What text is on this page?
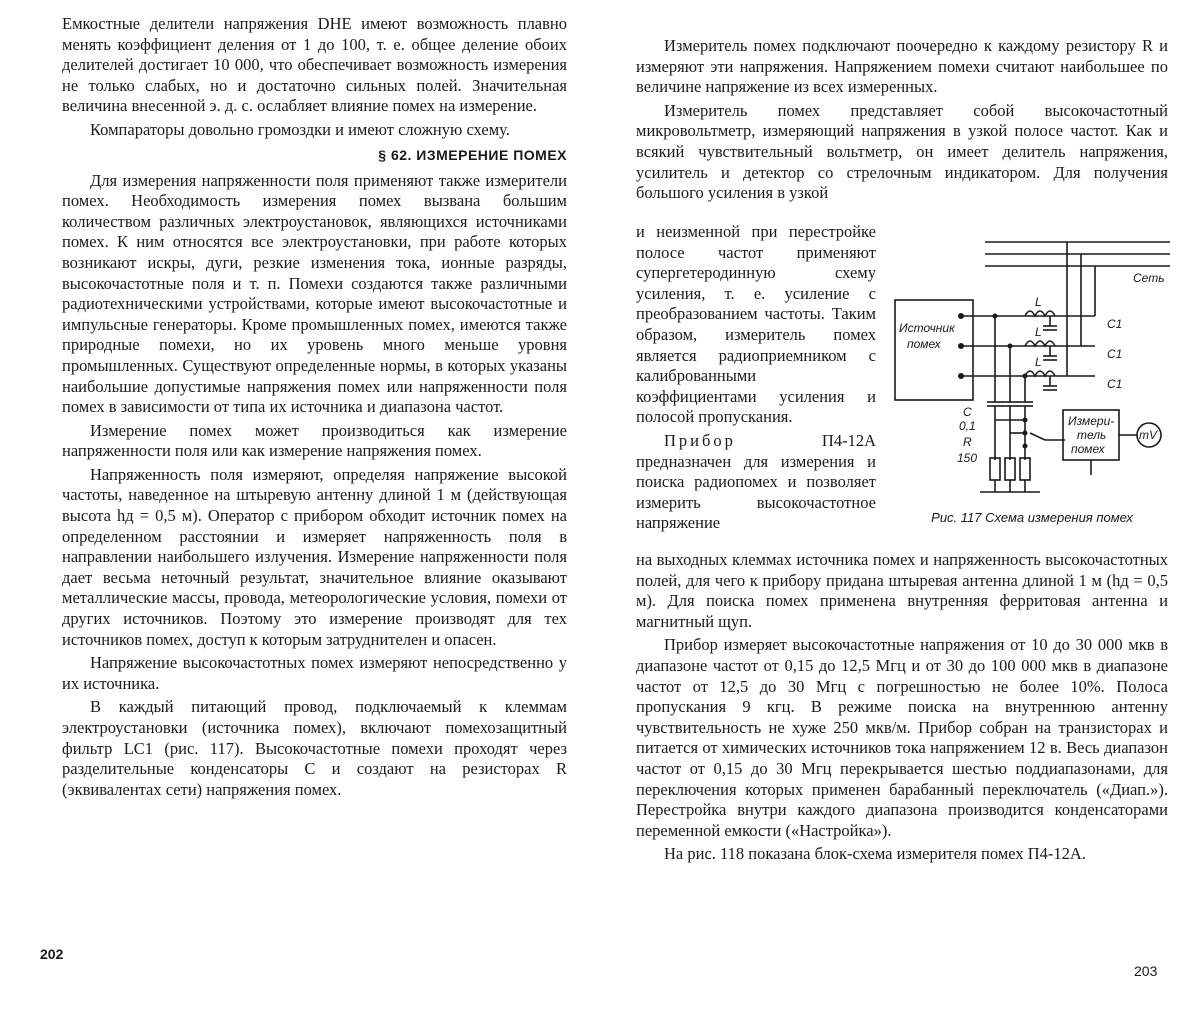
Емкостные делители напряжения DHE имеют возможность плавно менять коэффициент деления от 1 до 100, т. е. общее деление обоих делителей достигает 10 000, что обеспечивает возможность измерения не только слабых, но и достаточно сильных полей. Значительная величина внесенной э. д. с. ослабляет влияние помех на измерение.

Компараторы довольно громоздки и имеют сложную схему.

§ 62. ИЗМЕРЕНИЕ ПОМЕХ

Для измерения напряженности поля применяют также измерители помех. Необходимость измерения помех вызвана большим количеством различных электроустановок, являющихся источниками помех. К ним относятся все электроустановки, при работе которых возникают искры, дуги, резкие изменения тока, ионные разряды, высокочастотные поля и т. п. Помехи создаются также различными радиотехническими устройствами, которые имеют высокочастотные и импульсные генераторы. Кроме промышленных помех, имеются также природные помехи, но их уровень много меньше уровня промышленных. Существуют определенные нормы, в которых указаны наибольшие допустимые напряжения помех или напряженности поля помех в зависимости от типа их источника и диапазона частот.

Измерение помех может производиться как измерение напряженности поля или как измерение напряжения помех.

Напряженность поля измеряют, определяя напряжение высокой частоты, наведенное на штыревую антенну длиной 1 м (действующая высота hд = 0,5 м). Оператор с прибором обходит источник помех на определенном расстоянии и измеряет напряженность поля в направлении наибольшего излучения. Измерение напряженности поля дает весьма неточный результат, значительное влияние оказывают металлические массы, провода, метеорологические условия, помехи от других источников. Поэтому это измерение производят для тех источников помех, доступ к которым затруднителен и опасен.

Напряжение высокочастотных помех измеряют непосредственно у их источника.

В каждый питающий провод, подключаемый к клеммам электроустановки (источника помех), включают помехозащитный фильтр LC1 (рис. 117). Высокочастотные помехи проходят через разделительные конденсаторы C и создают на резисторах R (эквивалентах сети) напряжения помех.

202

Измеритель помех подключают поочередно к каждому резистору R и измеряют эти напряжения. Напряжением помехи считают наибольшее по величине напряжение из всех измеренных.

Измеритель помех представляет собой высокочастотный микровольтметр, измеряющий напряжения в узкой полосе частот. Как и всякий чувствительный вольтметр, он имеет делитель напряжения, усилитель и детектор со стрелочным индикатором. Для получения большого усиления в узкой

и неизменной при перестройке полосе частот применяют супергетеродинную схему усиления, т. е. усиление с преобразованием частоты. Таким образом, измеритель помех является радиоприемником с калиброванными коэффициентами усиления и полосой пропускания.

Прибор	П4-12А предназначен для измерения и поиска радиопомех и позволяет измерить высокочастотное напряжение

Источник
помех
Сеть
C1
C1
C1
L
L
L
C
0,1
R
150
Измери-
тель
помех
mV
Рис. 117 Схема измерения помех

на выходных клеммах источника помех и напряженность высокочастотных полей, для чего к прибору придана штыревая антенна длиной 1 м (hд = 0,5 м). Для поиска помех применена внутренняя ферритовая антенна и магнитный щуп.

Прибор измеряет высокочастотные напряжения от 10 до 30 000 мкв в диапазоне частот от 0,15 до 12,5 Мгц и от 30 до 100 000 мкв в диапазоне частот от 12,5 до 30 Мгц с погрешностью не более 10%. Полоса пропускания 9 кгц. В режиме поиска на внутреннюю антенну чувствительность не хуже 250 мкв/м. Прибор собран на транзисторах и питается от химических источников тока напряжением 12 в. Весь диапазон частот от 0,15 до 30 Мгц перекрывается шестью поддиапазонами, для переключения которых применен барабанный переключатель («Диап.»). Перестройка внутри каждого диапазона производится конденсаторами переменной емкости («Настройка»).

На рис. 118 показана блок-схема измерителя помех П4-12А.

203
